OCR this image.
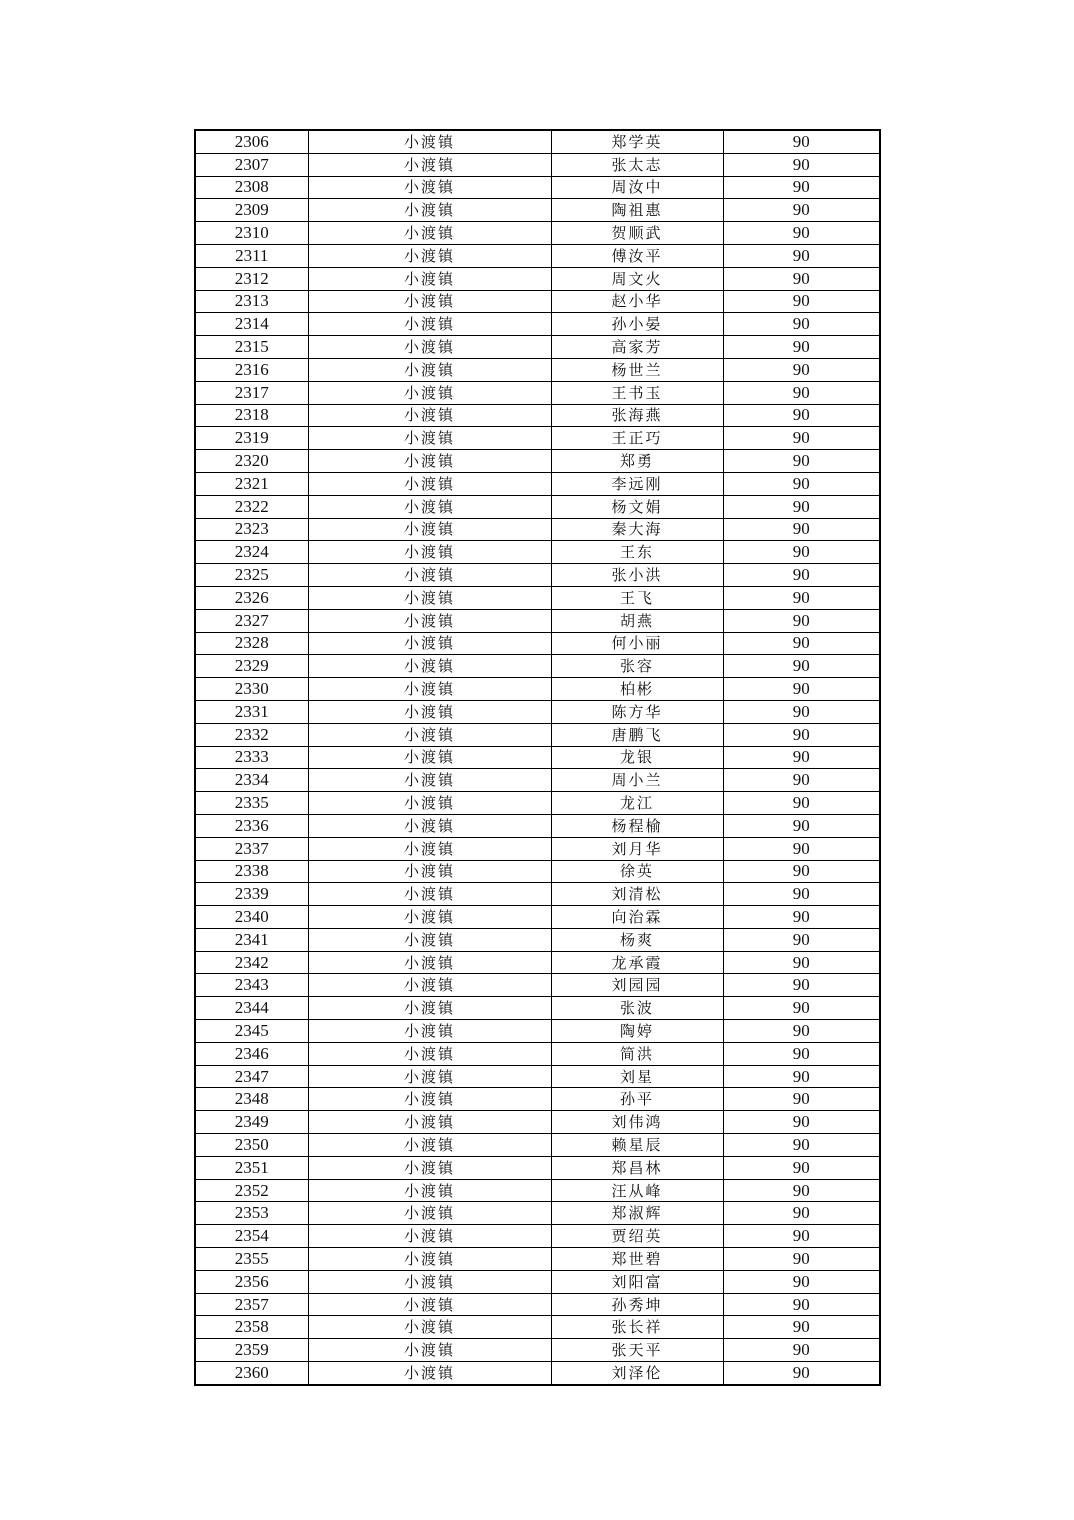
2306	小渡镇	郑学英	90
2307	小渡镇	张太志	90
2308	小渡镇	周汝中	90
2309	小渡镇	陶祖惠	90
2310	小渡镇	贺顺武	90
2311	小渡镇	傅汝平	90
2312	小渡镇	周文火	90
2313	小渡镇	赵小华	90
2314	小渡镇	孙小晏	90
2315	小渡镇	高家芳	90
2316	小渡镇	杨世兰	90
2317	小渡镇	王书玉	90
2318	小渡镇	张海燕	90
2319	小渡镇	王正巧	90
2320	小渡镇	郑勇	90
2321	小渡镇	李远刚	90
2322	小渡镇	杨文娟	90
2323	小渡镇	秦大海	90
2324	小渡镇	王东	90
2325	小渡镇	张小洪	90
2326	小渡镇	王飞	90
2327	小渡镇	胡燕	90
2328	小渡镇	何小丽	90
2329	小渡镇	张容	90
2330	小渡镇	柏彬	90
2331	小渡镇	陈方华	90
2332	小渡镇	唐鹏飞	90
2333	小渡镇	龙银	90
2334	小渡镇	周小兰	90
2335	小渡镇	龙江	90
2336	小渡镇	杨程榆	90
2337	小渡镇	刘月华	90
2338	小渡镇	徐英	90
2339	小渡镇	刘清松	90
2340	小渡镇	向治霖	90
2341	小渡镇	杨爽	90
2342	小渡镇	龙承霞	90
2343	小渡镇	刘园园	90
2344	小渡镇	张波	90
2345	小渡镇	陶婷	90
2346	小渡镇	简洪	90
2347	小渡镇	刘星	90
2348	小渡镇	孙平	90
2349	小渡镇	刘伟鸿	90
2350	小渡镇	赖星辰	90
2351	小渡镇	郑昌林	90
2352	小渡镇	汪从峰	90
2353	小渡镇	郑淑辉	90
2354	小渡镇	贾绍英	90
2355	小渡镇	郑世碧	90
2356	小渡镇	刘阳富	90
2357	小渡镇	孙秀坤	90
2358	小渡镇	张长祥	90
2359	小渡镇	张天平	90
2360	小渡镇	刘泽伦	90
